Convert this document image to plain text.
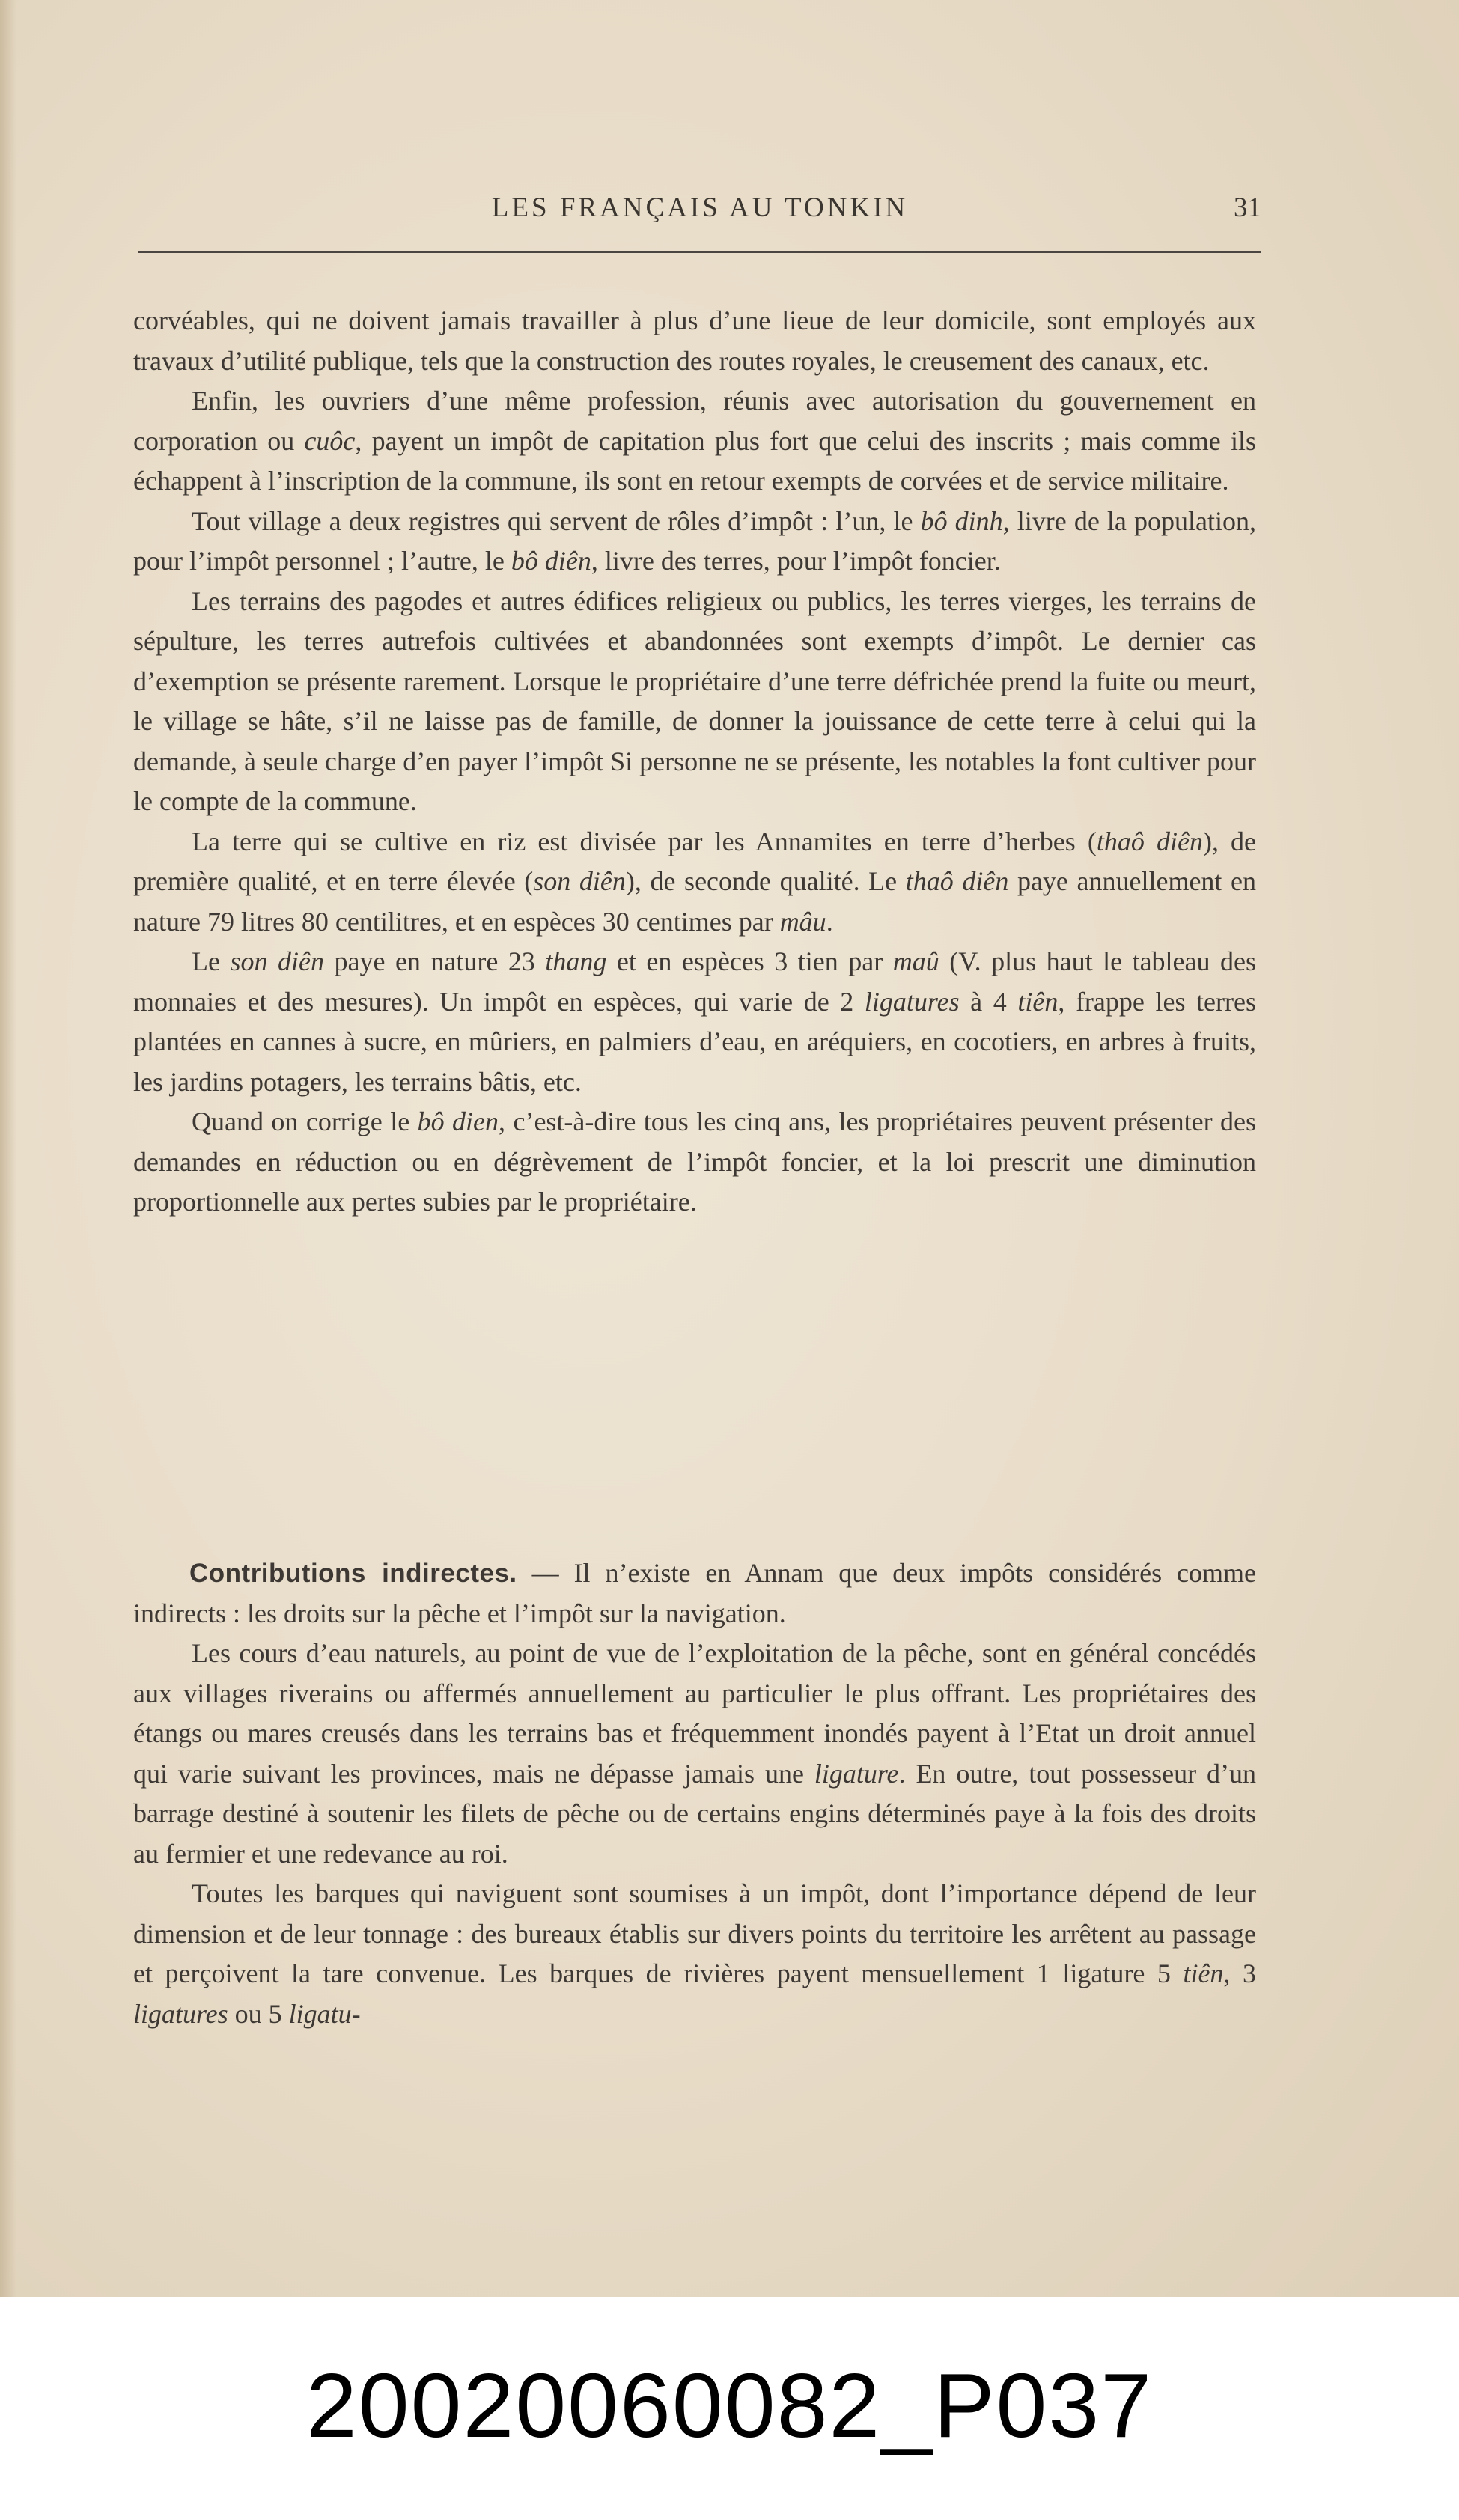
LES FRANÇAIS AU TONKIN	31

corvéables, qui ne doivent jamais travailler à plus d’une lieue de leur domicile, sont employés aux travaux d’utilité publique, tels que la construction des routes royales, le creusement des canaux, etc.

Enfin, les ouvriers d’une même profession, réunis avec autorisation du gouvernement en corporation ou cuôc, payent un impôt de capitation plus fort que celui des inscrits ; mais comme ils échappent à l’inscription de la commune, ils sont en retour exempts de corvées et de service militaire.

Tout village a deux registres qui servent de rôles d’impôt : l’un, le bô dinh, livre de la population, pour l’impôt personnel ; l’autre, le bô diên, livre des terres, pour l’impôt foncier.

Les terrains des pagodes et autres édifices religieux ou publics, les terres vierges, les terrains de sépulture, les terres autrefois cultivées et abandonnées sont exempts d’impôt. Le dernier cas d’exemption se présente rarement. Lorsque le propriétaire d’une terre défrichée prend la fuite ou meurt, le village se hâte, s’il ne laisse pas de famille, de donner la jouissance de cette terre à celui qui la demande, à seule charge d’en payer l’impôt Si personne ne se présente, les notables la font cultiver pour le compte de la commune.

La terre qui se cultive en riz est divisée par les Annamites en terre d’herbes (thaô diên), de première qualité, et en terre élevée (son diên), de seconde qualité. Le thaô diên paye annuellement en nature 79 litres 80 centilitres, et en espèces 30 centimes par mâu.

Le son diên paye en nature 23 thang et en espèces 3 tien par maû (V. plus haut le tableau des monnaies et des mesures). Un impôt en espèces, qui varie de 2 ligatures à 4 tiên, frappe les terres plantées en cannes à sucre, en mûriers, en palmiers d’eau, en aréquiers, en cocotiers, en arbres à fruits, les jardins potagers, les terrains bâtis, etc.

Quand on corrige le bô dien, c’est-à-dire tous les cinq ans, les propriétaires peuvent présenter des demandes en réduction ou en dégrèvement de l’impôt foncier, et la loi prescrit une diminution proportionnelle aux pertes subies par le propriétaire.

Contributions indirectes. — Il n’existe en Annam que deux impôts considérés comme indirects : les droits sur la pêche et l’impôt sur la navigation.

Les cours d’eau naturels, au point de vue de l’exploitation de la pêche, sont en général concédés aux villages riverains ou affermés annuellement au particulier le plus offrant. Les propriétaires des étangs ou mares creusés dans les terrains bas et fréquemment inondés payent à l’Etat un droit annuel qui varie suivant les provinces, mais ne dépasse jamais une ligature. En outre, tout possesseur d’un barrage destiné à soutenir les filets de pêche ou de certains engins déterminés paye à la fois des droits au fermier et une redevance au roi.

Toutes les barques qui naviguent sont soumises à un impôt, dont l’importance dépend de leur dimension et de leur tonnage : des bureaux établis sur divers points du territoire les arrêtent au passage et perçoivent la tare convenue. Les barques de rivières payent mensuellement 1 ligature 5 tiên, 3 ligatures ou 5 ligatu-

20020060082_P037
